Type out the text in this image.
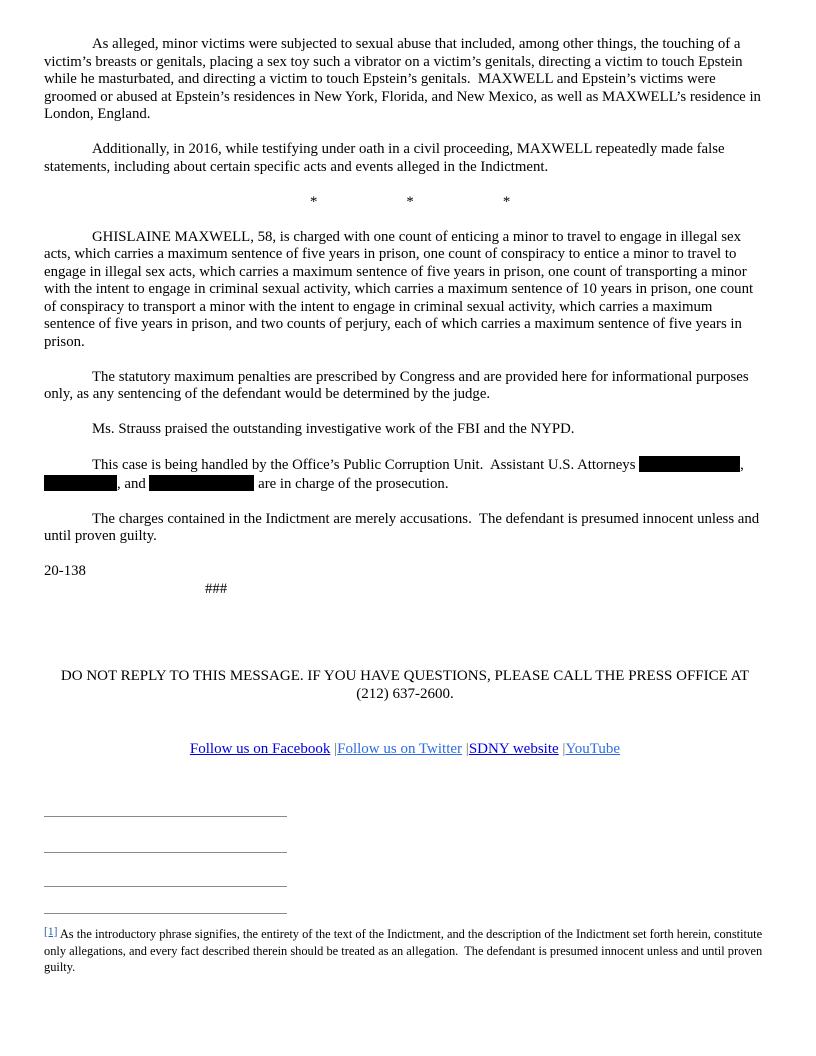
As alleged, minor victims were subjected to sexual abuse that included, among other things, the touching of a victim’s breasts or genitals, placing a sex toy such a vibrator on a victim’s genitals, directing a victim to touch Epstein while he masturbated, and directing a victim to touch Epstein’s genitals.  MAXWELL and Epstein’s victims were groomed or abused at Epstein’s residences in New York, Florida, and New Mexico, as well as MAXWELL’s residence in London, England.

Additionally, in 2016, while testifying under oath in a civil proceeding, MAXWELL repeatedly made false statements, including about certain specific acts and events alleged in the Indictment.

*	*	*

GHISLAINE MAXWELL, 58, is charged with one count of enticing a minor to travel to engage in illegal sex acts, which carries a maximum sentence of five years in prison, one count of conspiracy to entice a minor to travel to engage in illegal sex acts, which carries a maximum sentence of five years in prison, one count of transporting a minor with the intent to engage in criminal sexual activity, which carries a maximum sentence of 10 years in prison, one count of conspiracy to transport a minor with the intent to engage in criminal sexual activity, which carries a maximum sentence of five years in prison, and two counts of perjury, each of which carries a maximum sentence of five years in prison.

The statutory maximum penalties are prescribed by Congress and are provided here for informational purposes only, as any sentencing of the defendant would be determined by the judge.

Ms. Strauss praised the outstanding investigative work of the FBI and the NYPD.

This case is being handled by the Office’s Public Corruption Unit.  Assistant U.S. Attorneys	, , and	are in charge of the prosecution.

The charges contained in the Indictment are merely accusations.  The defendant is presumed innocent unless and until proven guilty.

20-138
###

DO NOT REPLY TO THIS MESSAGE. IF YOU HAVE QUESTIONS, PLEASE CALL THE PRESS OFFICE AT (212) 637-2600.

Follow us on Facebook |Follow us on Twitter |SDNY website |YouTube

[1] As the introductory phrase signifies, the entirety of the text of the Indictment, and the description of the Indictment set forth herein, constitute only allegations, and every fact described therein should be treated as an allegation.  The defendant is presumed innocent unless and until proven guilty.
